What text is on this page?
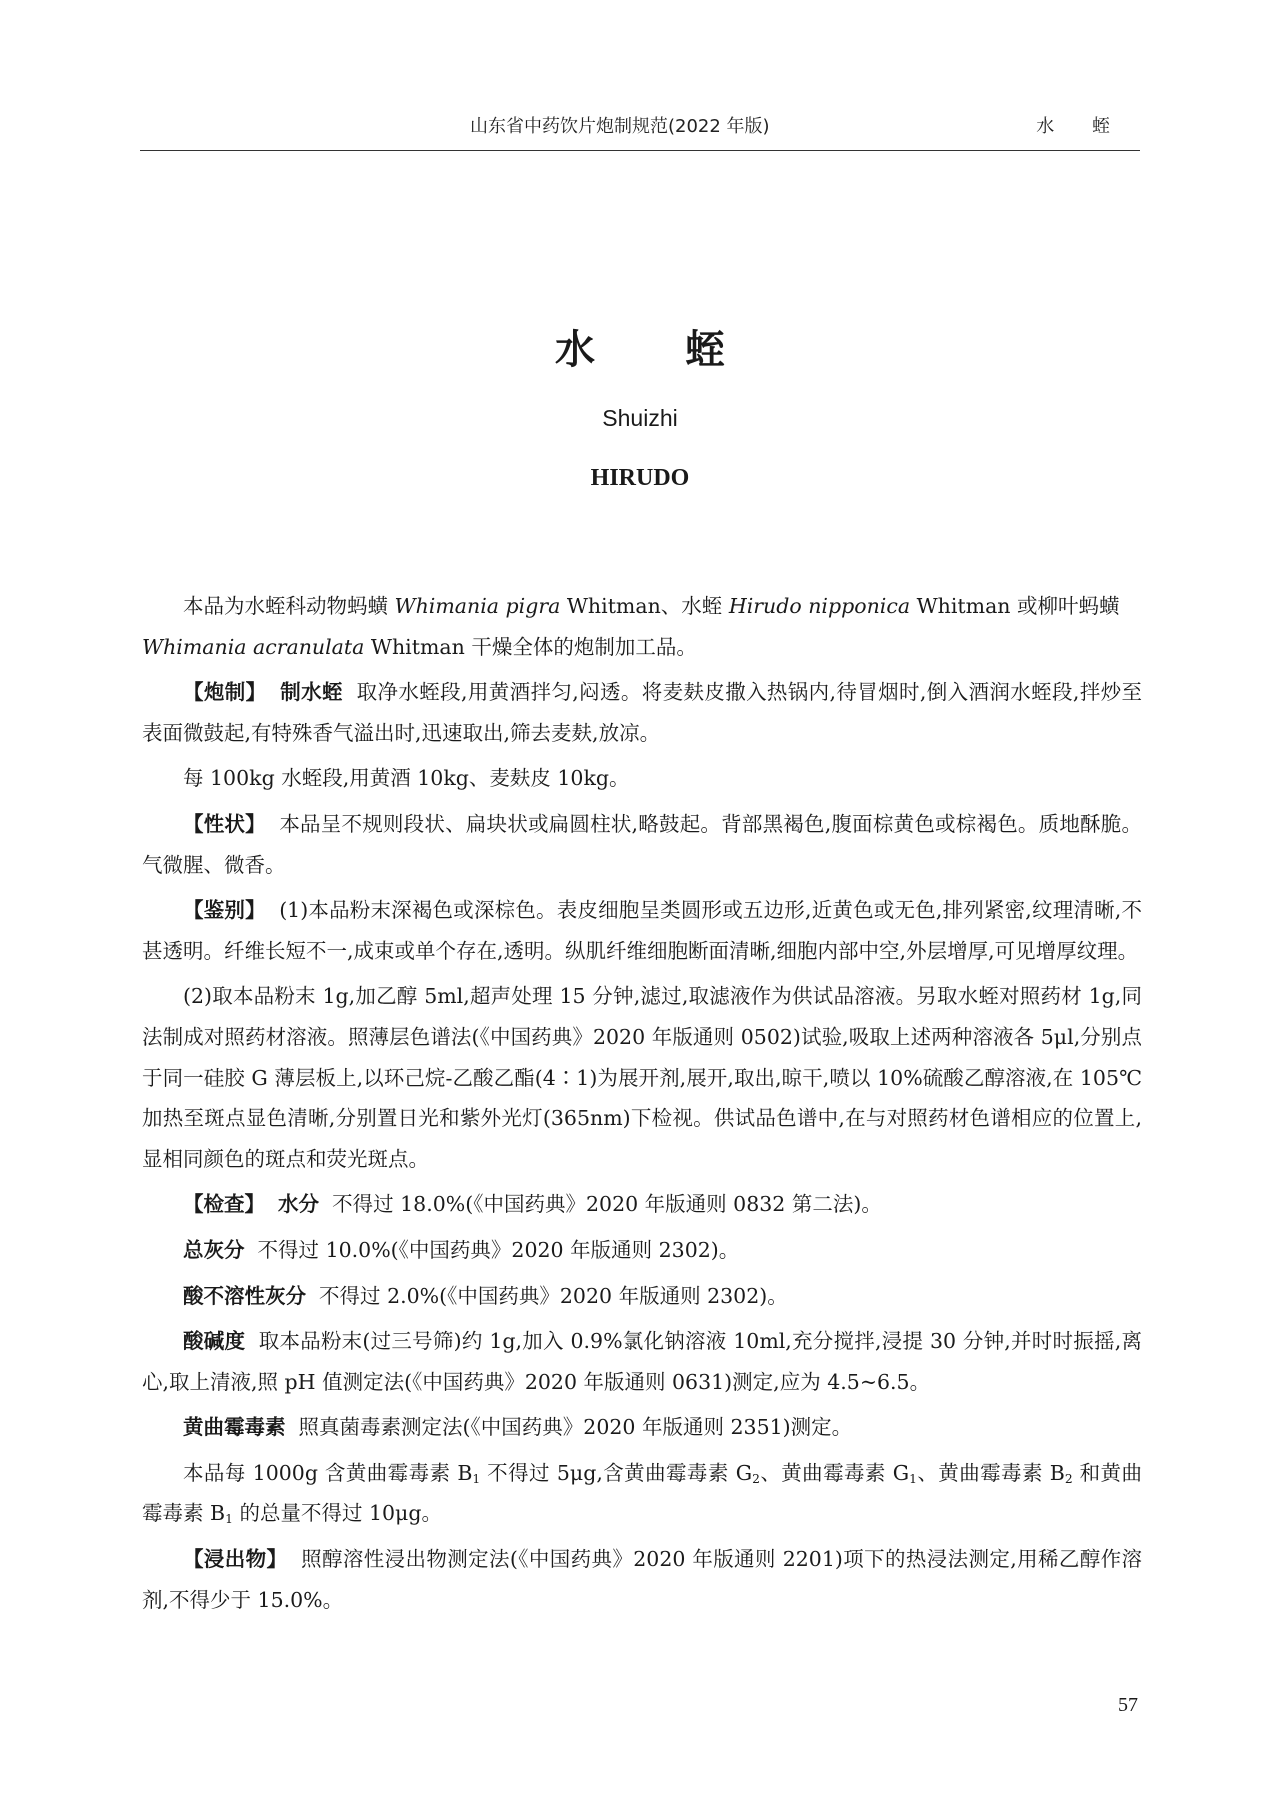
山东省中药饮片炮制规范(2022 年版)	水 蛭
水 蛭
Shuizhi
HIRUDO

本品为水蛭科动物蚂蟥 Whimania pigra Whitman、水蛭 Hirudo nipponica Whitman 或柳叶蚂蟥
Whimania acranulata Whitman 干燥全体的炮制加工品。

【炮制】 制水蛭 取净水蛭段,用黄酒拌匀,闷透。将麦麸皮撒入热锅内,待冒烟时,倒入酒润水蛭段,拌炒至表面微鼓起,有特殊香气溢出时,迅速取出,筛去麦麸,放凉。

每 100kg 水蛭段,用黄酒 10kg、麦麸皮 10kg。

【性状】 本品呈不规则段状、扁块状或扁圆柱状,略鼓起。背部黑褐色,腹面棕黄色或棕褐色。质地酥脆。气微腥、微香。

【鉴别】 (1)本品粉末深褐色或深棕色。表皮细胞呈类圆形或五边形,近黄色或无色,排列紧密,纹理清晰,不甚透明。纤维长短不一,成束或单个存在,透明。纵肌纤维细胞断面清晰,细胞内部中空,外层增厚,可见增厚纹理。

(2)取本品粉末 1g,加乙醇 5ml,超声处理 15 分钟,滤过,取滤液作为供试品溶液。另取水蛭对照药材 1g,同法制成对照药材溶液。照薄层色谱法(《中国药典》2020 年版通则 0502)试验,吸取上述两种溶液各 5μl,分别点于同一硅胶 G 薄层板上,以环己烷-乙酸乙酯(4∶1)为展开剂,展开,取出,晾干,喷以 10%硫酸乙醇溶液,在 105℃ 加热至斑点显色清晰,分别置日光和紫外光灯(365nm)下检视。供试品色谱中,在与对照药材色谱相应的位置上,显相同颜色的斑点和荧光斑点。

【检查】 水分 不得过 18.0%(《中国药典》2020 年版通则 0832 第二法)。

总灰分 不得过 10.0%(《中国药典》2020 年版通则 2302)。

酸不溶性灰分 不得过 2.0%(《中国药典》2020 年版通则 2302)。

酸碱度 取本品粉末(过三号筛)约 1g,加入 0.9%氯化钠溶液 10ml,充分搅拌,浸提 30 分钟,并时时振摇,离心,取上清液,照 pH 值测定法(《中国药典》2020 年版通则 0631)测定,应为 4.5~6.5。

黄曲霉毒素 照真菌毒素测定法(《中国药典》2020 年版通则 2351)测定。

本品每 1000g 含黄曲霉毒素 $B_1$ 不得过 5μg,含黄曲霉毒素 $G_2$、黄曲霉毒素 $G_1$、黄曲霉毒素 $B_2$ 和黄曲霉毒素 $B_1$ 的总量不得过 10μg。

【浸出物】 照醇溶性浸出物测定法(《中国药典》2020 年版通则 2201)项下的热浸法测定,用稀乙醇作溶剂,不得少于 15.0%。

57
